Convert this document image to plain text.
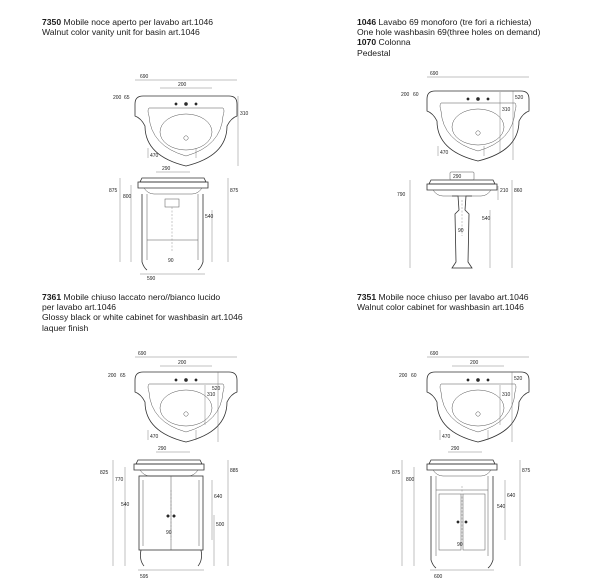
7350 Mobile noce aperto per lavabo art.1046
Walnut color vanity unit for basin art.1046
1046 Lavabo 69 monoforo (tre fori a richiesta)
One hole washbasin 69(three holes on demand)
1070 Colonna
Pedestal
7361 Mobile chiuso laccato nero//bianco lucido
per lavabo art.1046
Glossy black or white cabinet for washbasin art.1046
laquer finish
7351 Mobile noce chiuso per lavabo art.1046
Walnut color cabinet for washbasin art.1046
690
200
200 65
310
470
290
875
800
540
875
90
590
690
200 60
310
520
470
290
790
210 860
540
90
690
200
200 65
520
310
470
290
825
770
540
640
885
500
90
595
690
200
200 60	520
310
470
290
875
800
640
540
875
90
600
